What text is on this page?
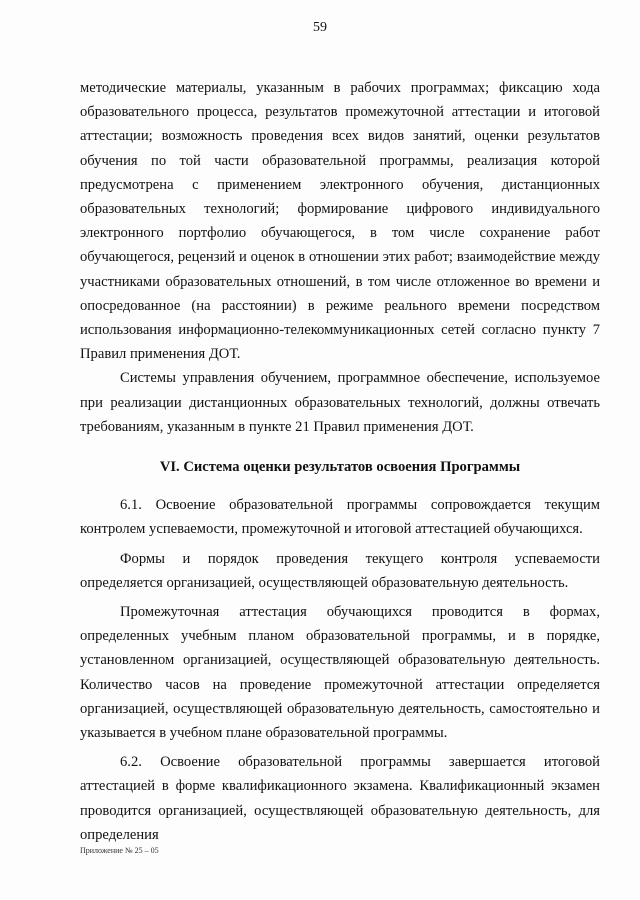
59

методические материалы, указанным в рабочих программах; фиксацию хода образовательного процесса, результатов промежуточной аттестации и итоговой аттестации; возможность проведения всех видов занятий, оценки результатов обучения по той части образовательной программы, реализация которой предусмотрена с применением электронного обучения, дистанционных образовательных технологий; формирование цифрового индивидуального электронного портфолио обучающегося, в том числе сохранение работ обучающегося, рецензий и оценок в отношении этих работ; взаимодействие между участниками образовательных отношений, в том числе отложенное во времени и опосредованное (на расстоянии) в режиме реального времени посредством использования информационно-телекоммуникационных сетей согласно пункту 7 Правил применения ДОТ.

Системы управления обучением, программное обеспечение, используемое при реализации дистанционных образовательных технологий, должны отвечать требованиям, указанным в пункте 21 Правил применения ДОТ.

VI. Система оценки результатов освоения Программы

6.1. Освоение образовательной программы сопровождается текущим контролем успеваемости, промежуточной и итоговой аттестацией обучающихся.

Формы и порядок проведения текущего контроля успеваемости определяется организацией, осуществляющей образовательную деятельность.

Промежуточная аттестация обучающихся проводится в формах, определенных учебным планом образовательной программы, и в порядке, установленном организацией, осуществляющей образовательную деятельность. Количество часов на проведение промежуточной аттестации определяется организацией, осуществляющей образовательную деятельность, самостоятельно и указывается в учебном плане образовательной программы.

6.2. Освоение образовательной программы завершается итоговой аттестацией в форме квалификационного экзамена. Квалификационный экзамен проводится организацией, осуществляющей образовательную деятельность, для определения

Приложение № 25 – 05
